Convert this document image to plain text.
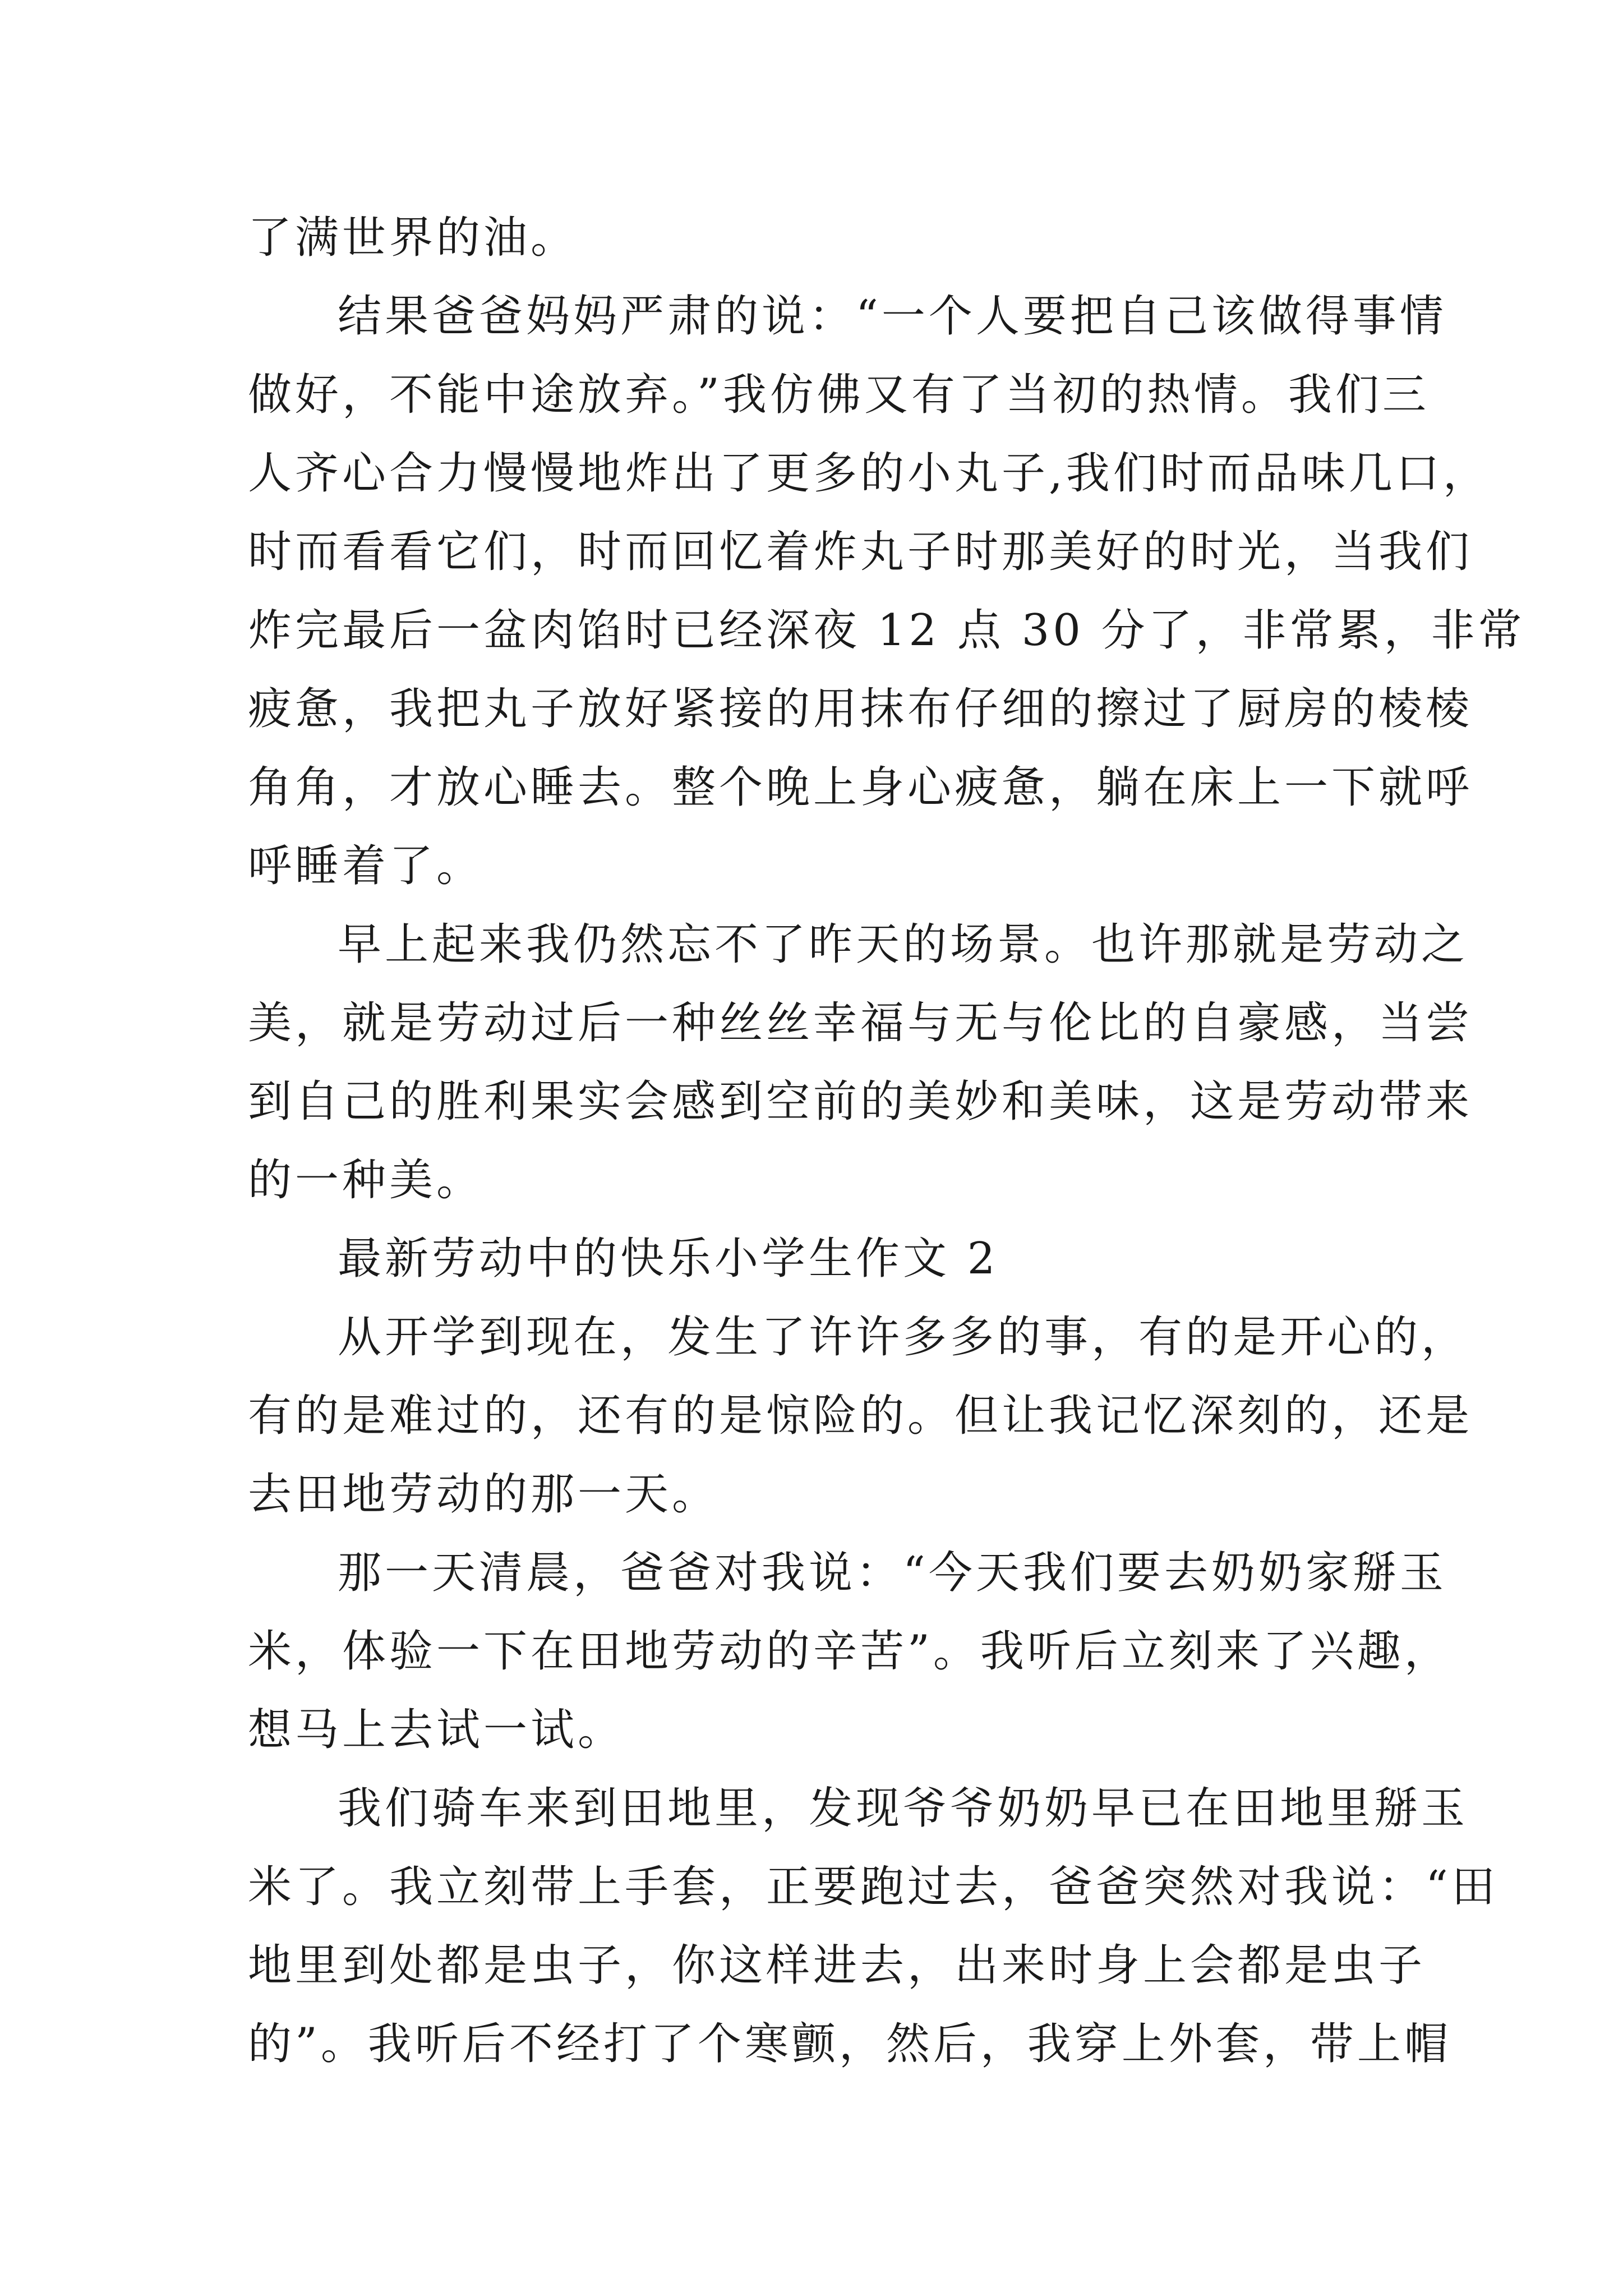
了满世界的油。
结果爸爸妈妈严肃的说：“一个人要把自己该做得事情
做好，不能中途放弃。”我仿佛又有了当初的热情。我们三
人齐心合力慢慢地炸出了更多的小丸子,我们时而品味几口，
时而看看它们，时而回忆着炸丸子时那美好的时光，当我们
炸完最后一盆肉馅时已经深夜 12 点 30 分了，非常累，非常
疲惫，我把丸子放好紧接的用抹布仔细的擦过了厨房的棱棱
角角，才放心睡去。整个晚上身心疲惫，躺在床上一下就呼
呼睡着了。
早上起来我仍然忘不了昨天的场景。也许那就是劳动之
美，就是劳动过后一种丝丝幸福与无与伦比的自豪感，当尝
到自己的胜利果实会感到空前的美妙和美味，这是劳动带来
的一种美。
最新劳动中的快乐小学生作文 2
从开学到现在，发生了许许多多的事，有的是开心的，
有的是难过的，还有的是惊险的。但让我记忆深刻的，还是
去田地劳动的那一天。
那一天清晨，爸爸对我说：“今天我们要去奶奶家掰玉
米，体验一下在田地劳动的辛苦”。我听后立刻来了兴趣，
想马上去试一试。
我们骑车来到田地里，发现爷爷奶奶早已在田地里掰玉
米了。我立刻带上手套，正要跑过去，爸爸突然对我说：“田
地里到处都是虫子，你这样进去，出来时身上会都是虫子
的”。我听后不经打了个寒颤，然后，我穿上外套，带上帽
